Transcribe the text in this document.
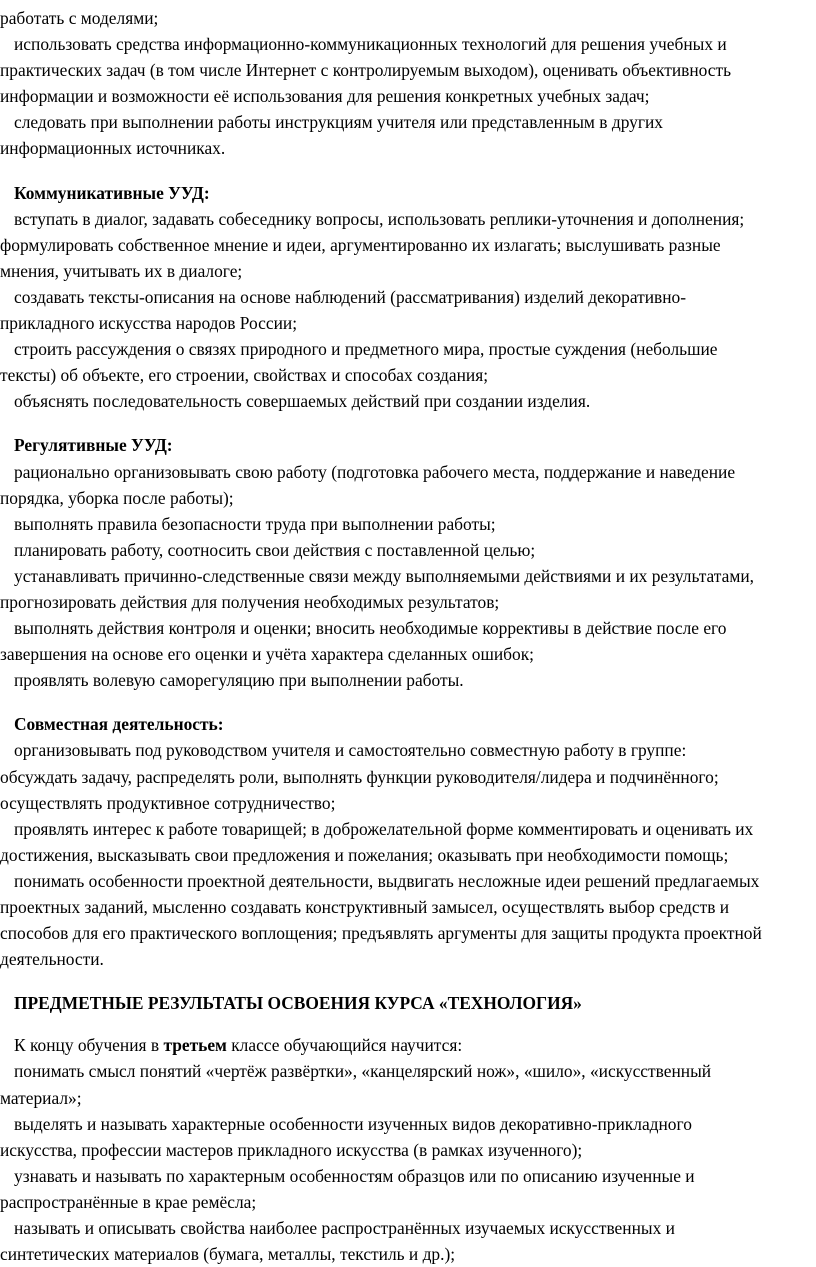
работать с моделями;

использовать средства информационно-коммуникационных технологий для решения учебных и

практических задач (в том числе Интернет с контролируемым выходом), оценивать объективность

информации и возможности её использования для решения конкретных учебных задач;

следовать при выполнении работы инструкциям учителя или представленным в других

информационных источниках.

Коммуникативные УУД:

вступать в диалог, задавать собеседнику вопросы, использовать реплики-уточнения и дополнения;

формулировать собственное мнение и идеи, аргументированно их излагать; выслушивать разные

мнения, учитывать их в диалоге;

создавать тексты-описания на основе наблюдений (рассматривания) изделий декоративно-

прикладного искусства народов России;

строить рассуждения о связях природного и предметного мира, простые суждения (небольшие

тексты) об объекте, его строении, свойствах и способах создания;

объяснять последовательность совершаемых действий при создании изделия.

Регулятивные УУД:

рационально организовывать свою работу (подготовка рабочего места, поддержание и наведение

порядка, уборка после работы);

выполнять правила безопасности труда при выполнении работы;

планировать работу, соотносить свои действия с поставленной целью;

устанавливать причинно-следственные связи между выполняемыми действиями и их результатами,

прогнозировать действия для получения необходимых результатов;

выполнять действия контроля и оценки; вносить необходимые коррективы в действие после его

завершения на основе его оценки и учёта характера сделанных ошибок;

проявлять волевую саморегуляцию при выполнении работы.

Совместная деятельность:

организовывать под руководством учителя и самостоятельно совместную работу в группе:

обсуждать задачу, распределять роли, выполнять функции руководителя/лидера и подчинённого;

осуществлять продуктивное сотрудничество;

проявлять интерес к работе товарищей; в доброжелательной форме комментировать и оценивать их

достижения, высказывать свои предложения и пожелания; оказывать при необходимости помощь;

понимать особенности проектной деятельности, выдвигать несложные идеи решений предлагаемых

проектных заданий, мысленно создавать конструктивный замысел, осуществлять выбор средств и

способов для его практического воплощения; предъявлять аргументы для защиты продукта проектной

деятельности.

ПРЕДМЕТНЫЕ РЕЗУЛЬТАТЫ ОСВОЕНИЯ КУРСА «ТЕХНОЛОГИЯ»

К концу обучения в третьем классе обучающийся научится:

понимать смысл понятий «чертёж развёртки», «канцелярский нож», «шило», «искусственный

материал»;

выделять и называть характерные особенности изученных видов декоративно-прикладного

искусства, профессии мастеров прикладного искусства (в рамках изученного);

узнавать и называть по характерным особенностям образцов или по описанию изученные и

распространённые в крае ремёсла;

называть и описывать свойства наиболее распространённых изучаемых искусственных и

синтетических материалов (бумага, металлы, текстиль и др.);
